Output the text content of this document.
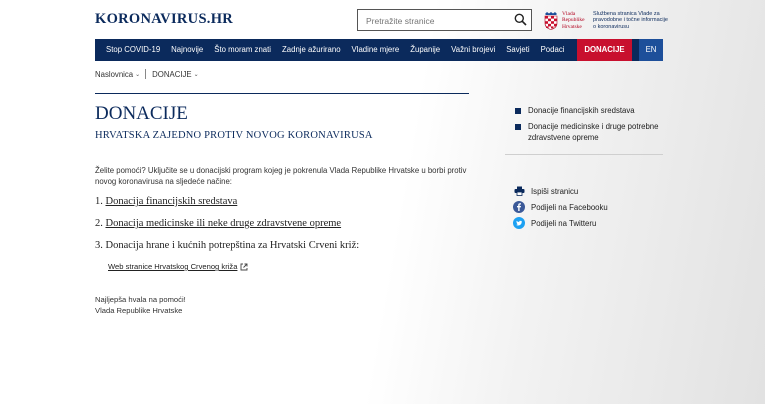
KORONAVIRUS.HR
Pretražite stranice	Vlada Republike Hrvatske
Službena stranica Vlade za pravodobne i točne informacije o koronavirusu
Stop COVID-19	Najnovije	Što moram znati	Zadnje ažurirano	Vladine mjere	Županije	Važni brojevi	Savjeti	Podaci	DONACIJE	EN
Naslovnica ⌄ DONACIJE ⌄
DONACIJE
HRVATSKA ZAJEDNO PROTIV NOVOG KORONAVIRUSA
Želite pomoći? Uključite se u donacijski program kojeg je pokrenula Vlada Republike Hrvatske u borbi protiv novog koronavirusa na sljedeće načine:
1. Donacija financijskih sredstava
2. Donacija medicinske ili neke druge zdravstvene opreme
3. Donacija hrane i kućnih potrepština za Hrvatski Crveni križ:
Web stranice Hrvatskog Crvenog križa
Najljepša hvala na pomoći!
Vlada Republike Hrvatske
Donacije financijskih sredstava
Donacije medicinske i druge potrebne zdravstvene opreme
Ispiši stranicu
Podijeli na Facebooku
Podijeli na Twitteru
